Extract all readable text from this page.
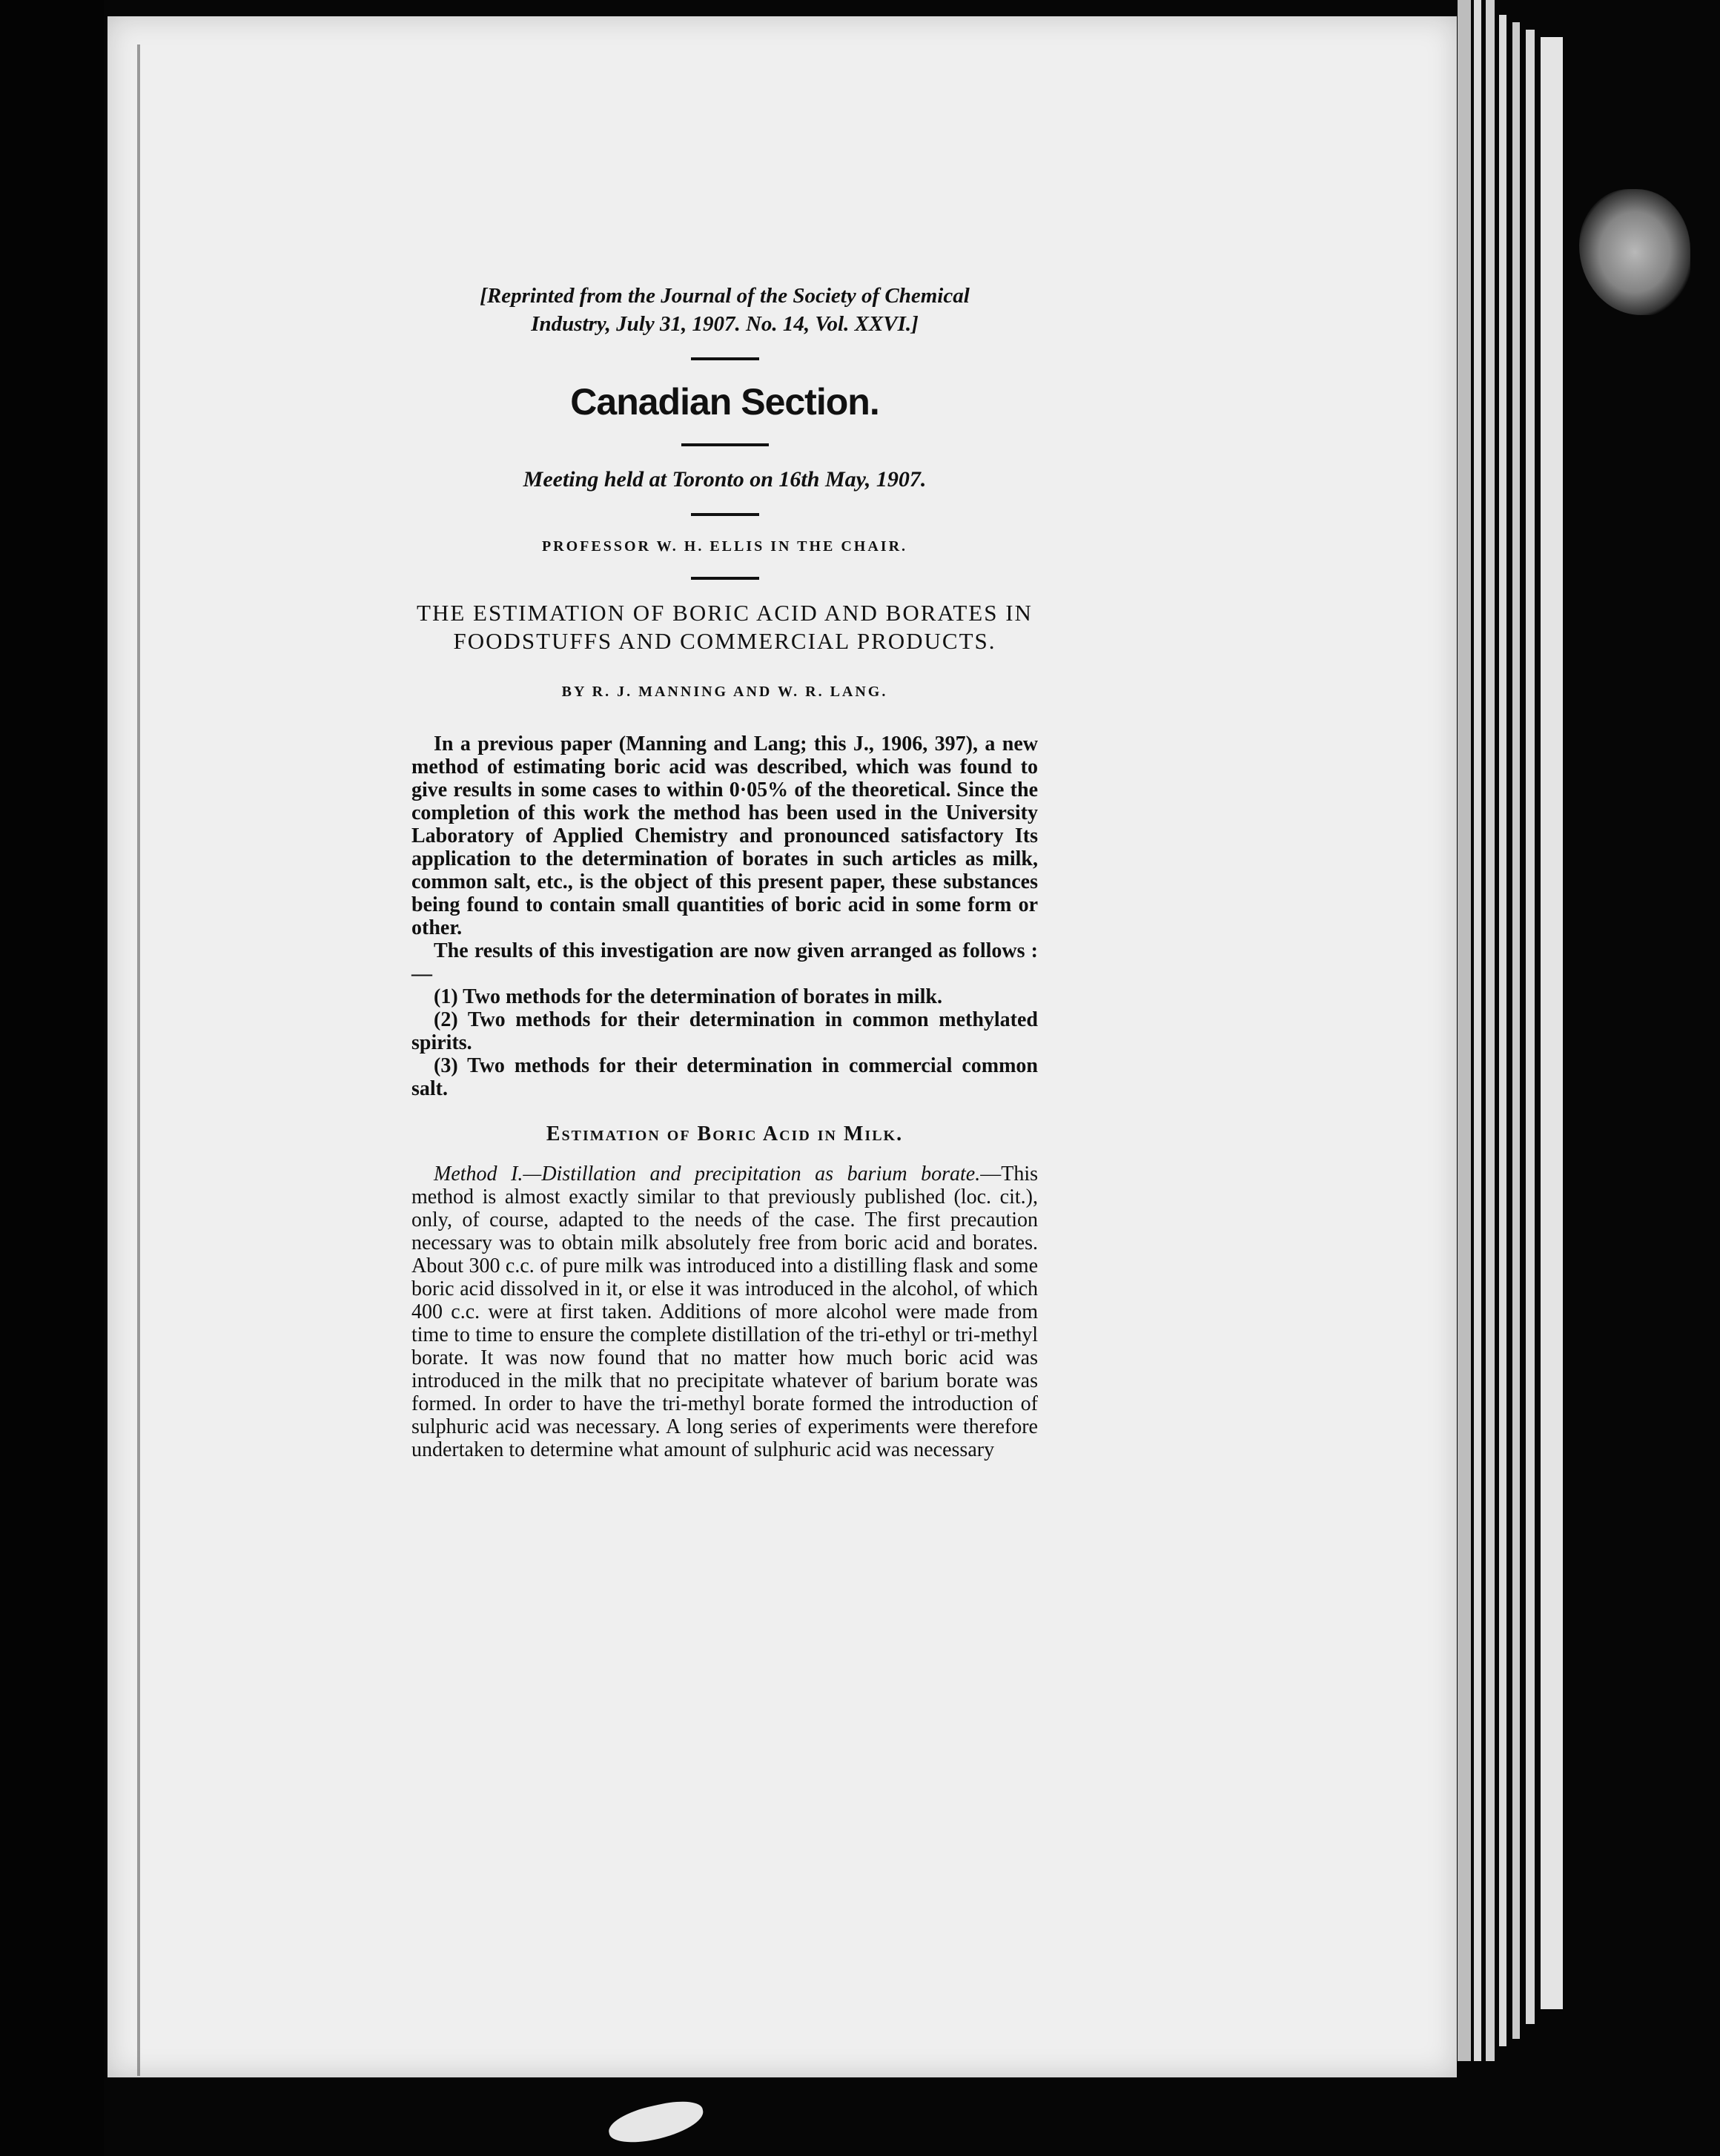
[Reprinted from the Journal of the Society of Chemical

Industry, July 31, 1907. No. 14, Vol. XXVI.]

Canadian Section.

Meeting held at Toronto on 16th May, 1907.

PROFESSOR W. H. ELLIS IN THE CHAIR.

THE ESTIMATION OF BORIC ACID AND BORATES IN FOODSTUFFS AND COMMERCIAL PRODUCTS.

BY R. J. MANNING AND W. R. LANG.

In a previous paper (Manning and Lang; this J., 1906, 397), a new method of estimating boric acid was described, which was found to give results in some cases to within 0·05% of the theoretical. Since the completion of this work the method has been used in the University Laboratory of Applied Chemistry and pronounced satisfactory Its application to the determination of borates in such articles as milk, common salt, etc., is the object of this present paper, these substances being found to contain small quantities of boric acid in some form or other.

The results of this investigation are now given arranged as follows :—

(1) Two methods for the determination of borates in milk.

(2) Two methods for their determination in common methylated spirits.

(3) Two methods for their determination in commercial common salt.

Estimation of Boric Acid in Milk.

Method I.—Distillation and precipitation as barium borate.—This method is almost exactly similar to that previously published (loc. cit.), only, of course, adapted to the needs of the case. The first precaution necessary was to obtain milk absolutely free from boric acid and borates. About 300 c.c. of pure milk was introduced into a distilling flask and some boric acid dissolved in it, or else it was introduced in the alcohol, of which 400 c.c. were at first taken. Additions of more alcohol were made from time to time to ensure the complete distillation of the tri-ethyl or tri-methyl borate. It was now found that no matter how much boric acid was introduced in the milk that no precipitate whatever of barium borate was formed. In order to have the tri-methyl borate formed the introduction of sulphuric acid was necessary. A long series of experiments were therefore undertaken to determine what amount of sulphuric acid was necessary
